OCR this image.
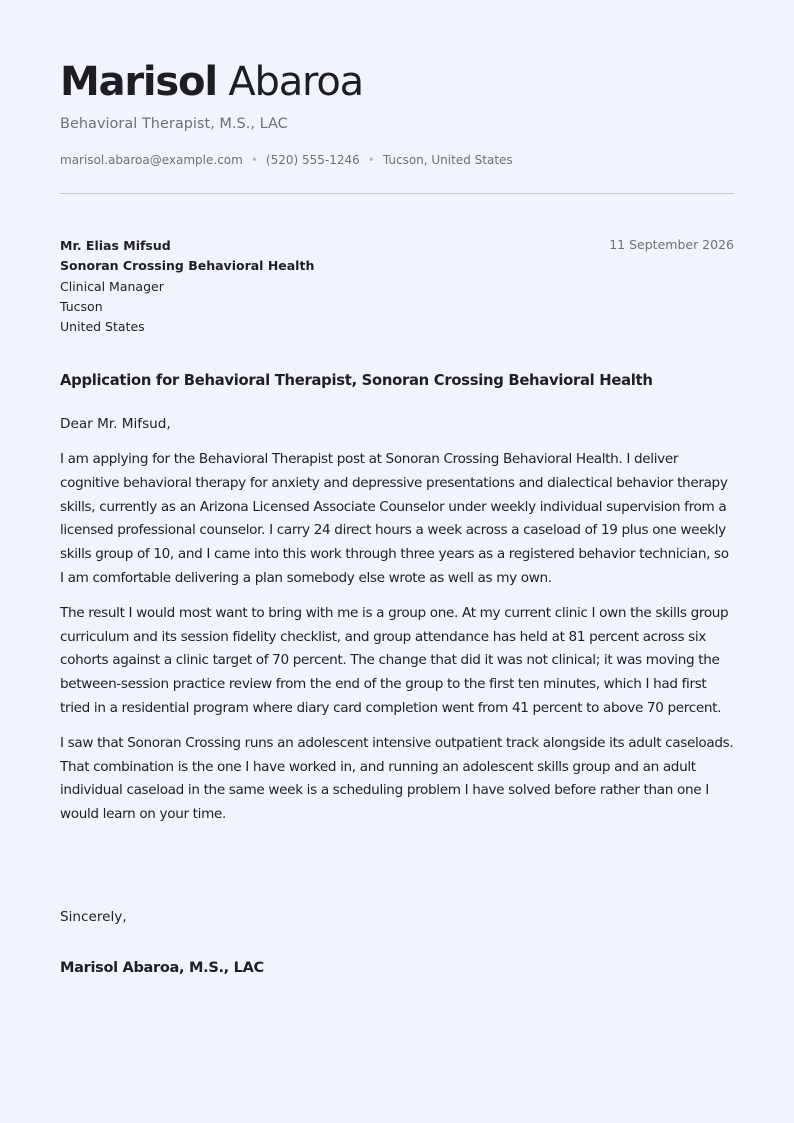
Marisol Abaroa
Behavioral Therapist, M.S., LAC
marisol.abaroa@example.com • (520) 555-1246 • Tucson, United States
Mr. Elias Mifsud
Sonoran Crossing Behavioral Health
Clinical Manager
Tucson
United States
11 September 2026
Application for Behavioral Therapist, Sonoran Crossing Behavioral Health
Dear Mr. Mifsud,

I am applying for the Behavioral Therapist post at Sonoran Crossing Behavioral Health. I deliver cognitive behavioral therapy for anxiety and depressive presentations and dialectical behavior therapy skills, currently as an Arizona Licensed Associate Counselor under weekly individual supervision from a licensed professional counselor. I carry 24 direct hours a week across a caseload of 19 plus one weekly skills group of 10, and I came into this work through three years as a registered behavior technician, so I am comfortable delivering a plan somebody else wrote as well as my own.

The result I would most want to bring with me is a group one. At my current clinic I own the skills group curriculum and its session fidelity checklist, and group attendance has held at 81 percent across six cohorts against a clinic target of 70 percent. The change that did it was not clinical; it was moving the between-session practice review from the end of the group to the first ten minutes, which I had first tried in a residential program where diary card completion went from 41 percent to above 70 percent.

I saw that Sonoran Crossing runs an adolescent intensive outpatient track alongside its adult caseloads. That combination is the one I have worked in, and running an adolescent skills group and an adult individual caseload in the same week is a scheduling problem I have solved before rather than one I would learn on your time.

Sincerely,
Marisol Abaroa, M.S., LAC
